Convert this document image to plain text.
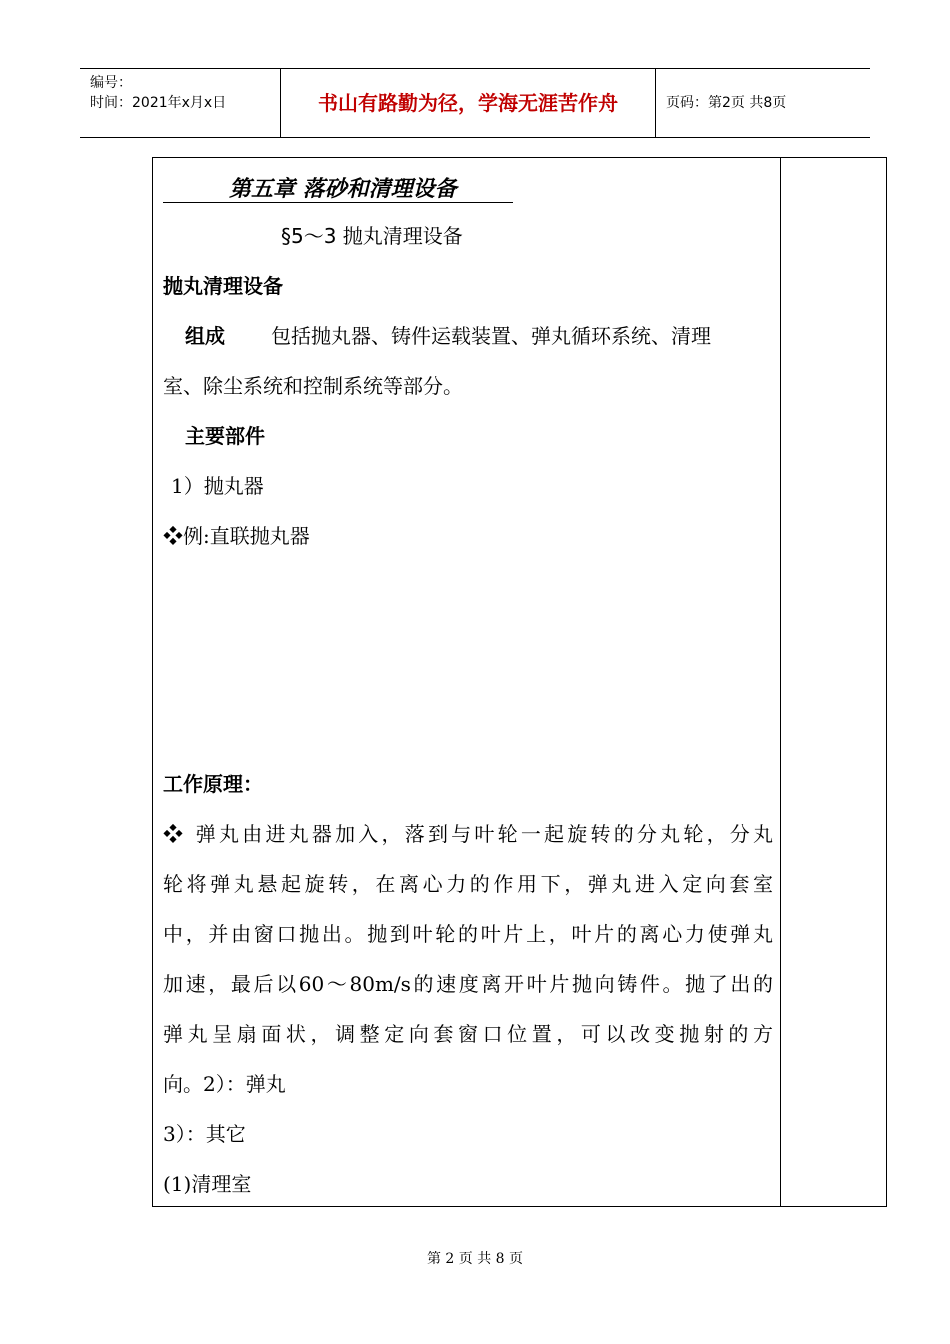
编号：
时间：2021年x月x日	书山有路勤为径，学海无涯苦作舟	页码：第2页 共8页
第五章 落砂和清理设备
§5～3 抛丸清理设备
抛丸清理设备
组成 包括抛丸器、铸件运载装置、弹丸循环系统、清理
室、除尘系统和控制系统等部分。
主要部件
1）抛丸器
❖例:直联抛丸器
工作原理：
❖ 弹丸由进丸器加入，落到与叶轮一起旋转的分丸轮，分丸
轮将弹丸悬起旋转，在离心力的作用下，弹丸进入定向套室
中，并由窗口抛出。抛到叶轮的叶片上，叶片的离心力使弹丸
加速，最后以60～80m/s的速度离开叶片抛向铸件。抛了出的
弹丸呈扇面状，调整定向套窗口位置，可以改变抛射的方
向。2）：弹丸
3）：其它
(1)清理室
第 2 页 共 8 页
